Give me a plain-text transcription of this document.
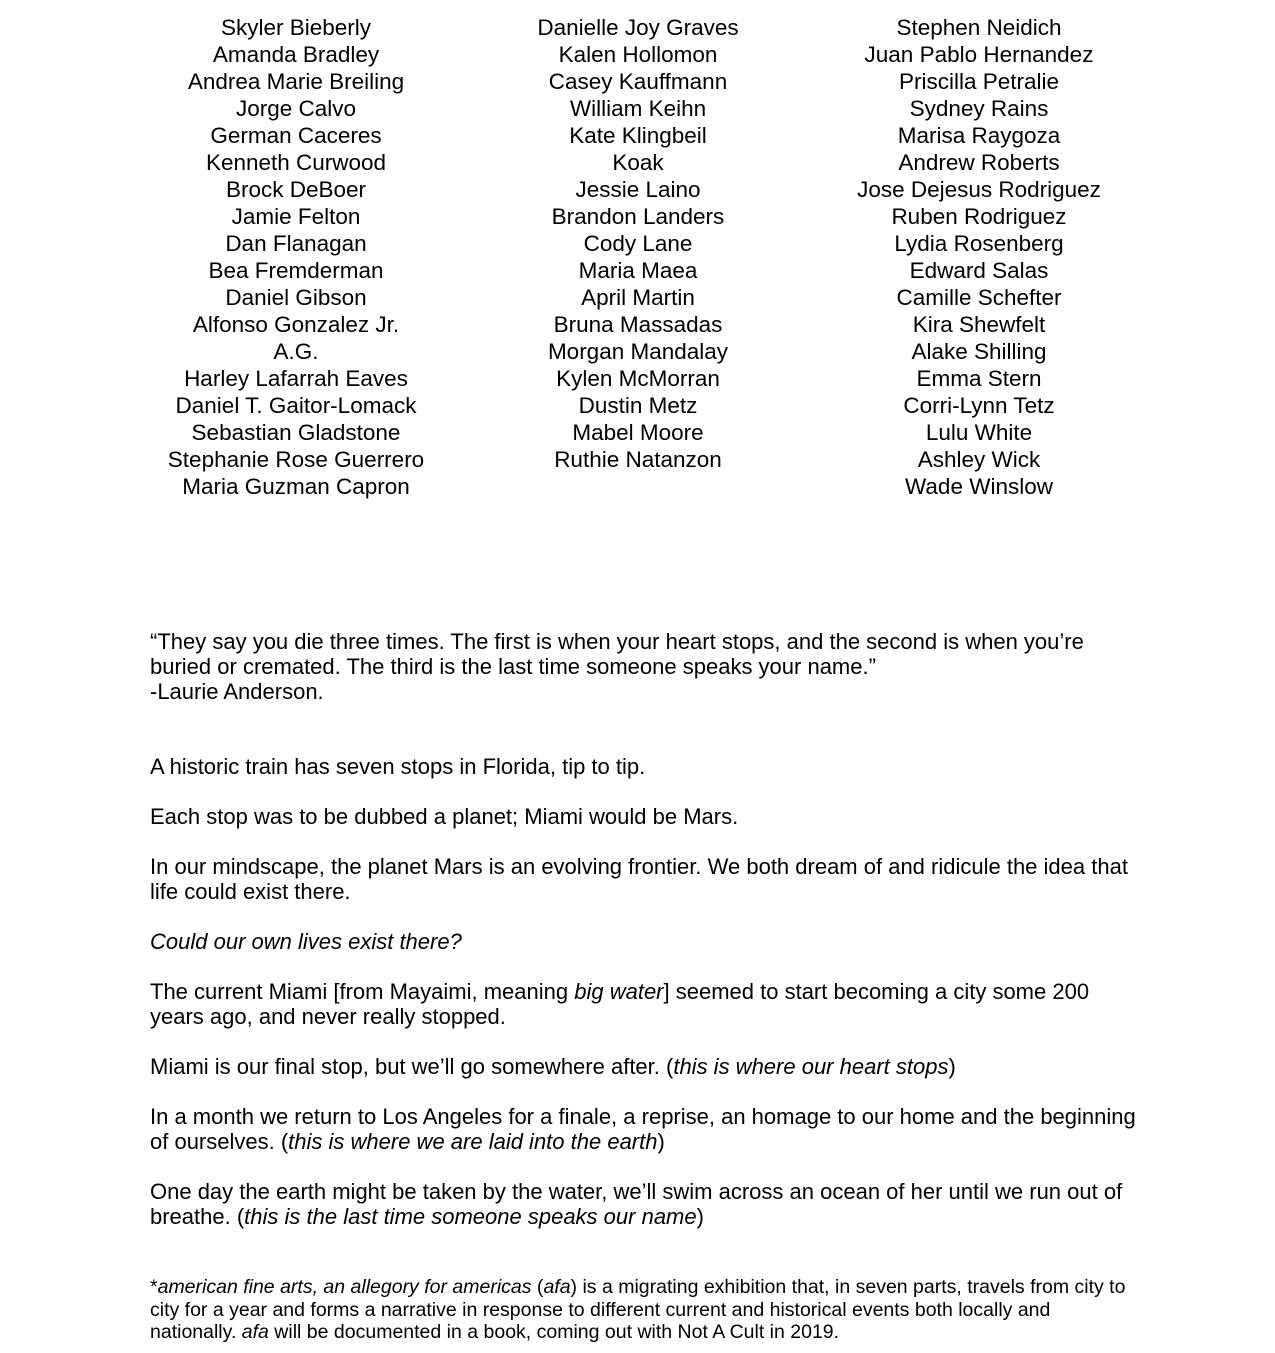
Skyler Bieberly
Amanda Bradley
Andrea Marie Breiling
Jorge Calvo
German Caceres
Kenneth Curwood
Brock DeBoer
Jamie Felton
Dan Flanagan
Bea Fremderman
Daniel Gibson
Alfonso Gonzalez Jr.
A.G.
Harley Lafarrah Eaves
Daniel T. Gaitor-Lomack
Sebastian Gladstone
Stephanie Rose Guerrero
Maria Guzman Capron
Danielle Joy Graves
Kalen Hollomon
Casey Kauffmann
William Keihn
Kate Klingbeil
Koak
Jessie Laino
Brandon Landers
Cody Lane
Maria Maea
April Martin
Bruna Massadas
Morgan Mandalay
Kylen McMorran
Dustin Metz
Mabel Moore
Ruthie Natanzon
Stephen Neidich
Juan Pablo Hernandez
Priscilla Petralie
Sydney Rains
Marisa Raygoza
Andrew Roberts
Jose Dejesus Rodriguez
Ruben Rodriguez
Lydia Rosenberg
Edward Salas
Camille Schefter
Kira Shewfelt
Alake Shilling
Emma Stern
Corri-Lynn Tetz
Lulu White
Ashley Wick
Wade Winslow
“They say you die three times. The first is when your heart stops, and the second is when you’re buried or cremated. The third is the last time someone speaks your name.”
-Laurie Anderson.

A historic train has seven stops in Florida, tip to tip.

Each stop was to be dubbed a planet; Miami would be Mars.

In our mindscape, the planet Mars is an evolving frontier. We both dream of and ridicule the idea that life could exist there.

Could our own lives exist there?

The current Miami [from Mayaimi, meaning big water] seemed to start becoming a city some 200 years ago, and never really stopped.

Miami is our final stop, but we’ll go somewhere after. (this is where our heart stops)

In a month we return to Los Angeles for a finale, a reprise, an homage to our home and the beginning of ourselves. (this is where we are laid into the earth)

One day the earth might be taken by the water, we’ll swim across an ocean of her until we run out of breathe. (this is the last time someone speaks our name)

*american fine arts, an allegory for americas (afa) is a migrating exhibition that, in seven parts, travels from city to city for a year and forms a narrative in response to different current and historical events both locally and nationally. afa will be documented in a book, coming out with Not A Cult in 2019.
